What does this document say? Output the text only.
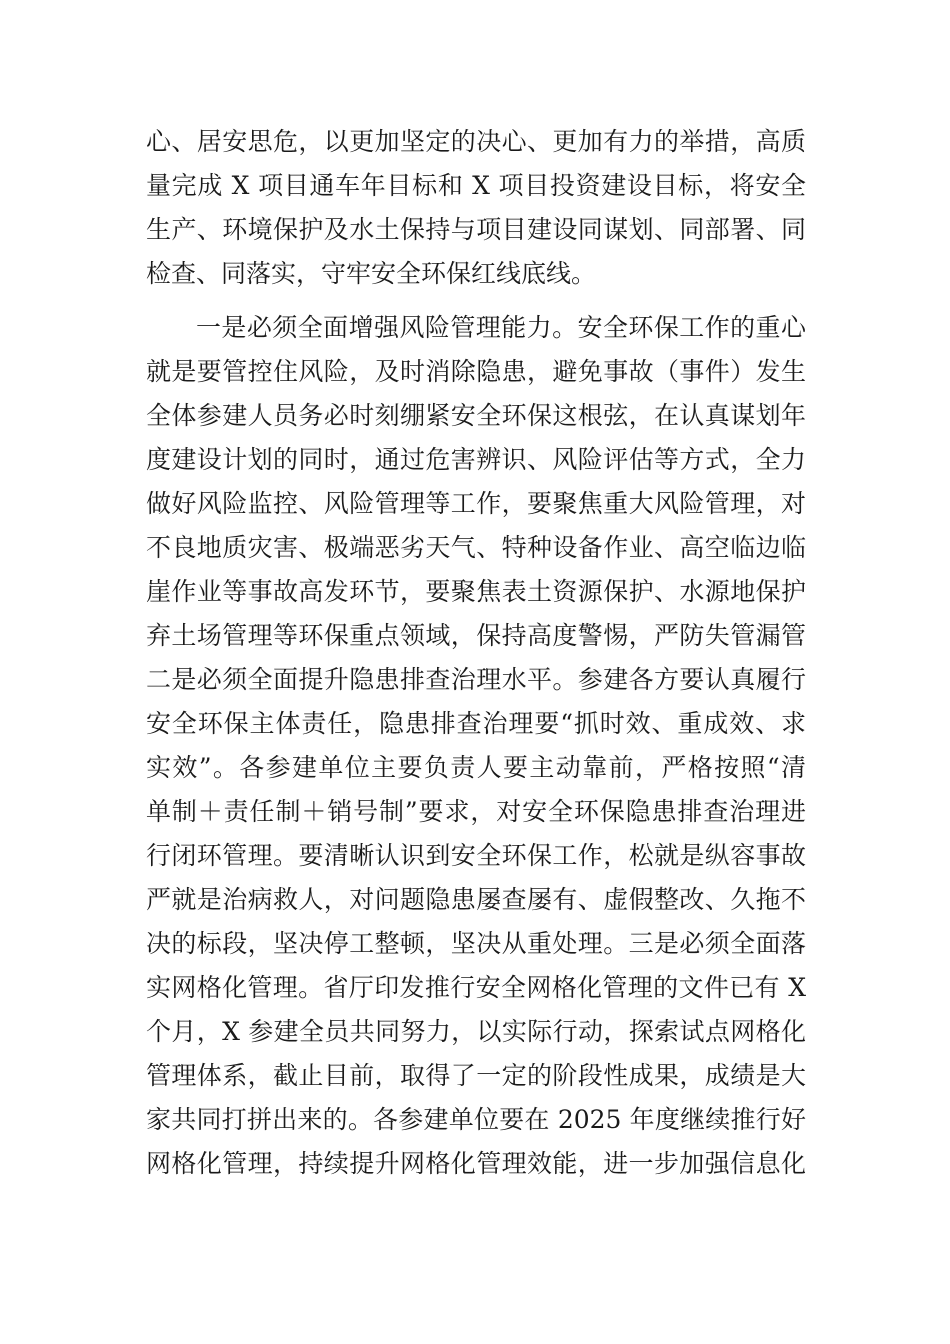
心、居安思危，以更加坚定的决心、更加有力的举措，高质
量完成 X 项目通车年目标和 X 项目投资建设目标，将安全
生产、环境保护及水土保持与项目建设同谋划、同部署、同
检查、同落实，守牢安全环保红线底线。
一是必须全面增强风险管理能力。安全环保工作的重心
就是要管控住风险，及时消除隐患，避免事故（事件）发生
全体参建人员务必时刻绷紧安全环保这根弦，在认真谋划年
度建设计划的同时，通过危害辨识、风险评估等方式，全力
做好风险监控、风险管理等工作，要聚焦重大风险管理，对
不良地质灾害、极端恶劣天气、特种设备作业、高空临边临
崖作业等事故高发环节，要聚焦表土资源保护、水源地保护
弃土场管理等环保重点领域，保持高度警惕，严防失管漏管
二是必须全面提升隐患排查治理水平。参建各方要认真履行
安全环保主体责任，隐患排查治理要“抓时效、重成效、求
实效”。各参建单位主要负责人要主动靠前，严格按照“清
单制＋责任制＋销号制”要求，对安全环保隐患排查治理进
行闭环管理。要清晰认识到安全环保工作，松就是纵容事故
严就是治病救人，对问题隐患屡查屡有、虚假整改、久拖不
决的标段，坚决停工整顿，坚决从重处理。三是必须全面落
实网格化管理。省厅印发推行安全网格化管理的文件已有 X
个月，X 参建全员共同努力，以实际行动，探索试点网格化
管理体系，截止目前，取得了一定的阶段性成果，成绩是大
家共同打拼出来的。各参建单位要在 2025 年度继续推行好
网格化管理，持续提升网格化管理效能，进一步加强信息化
